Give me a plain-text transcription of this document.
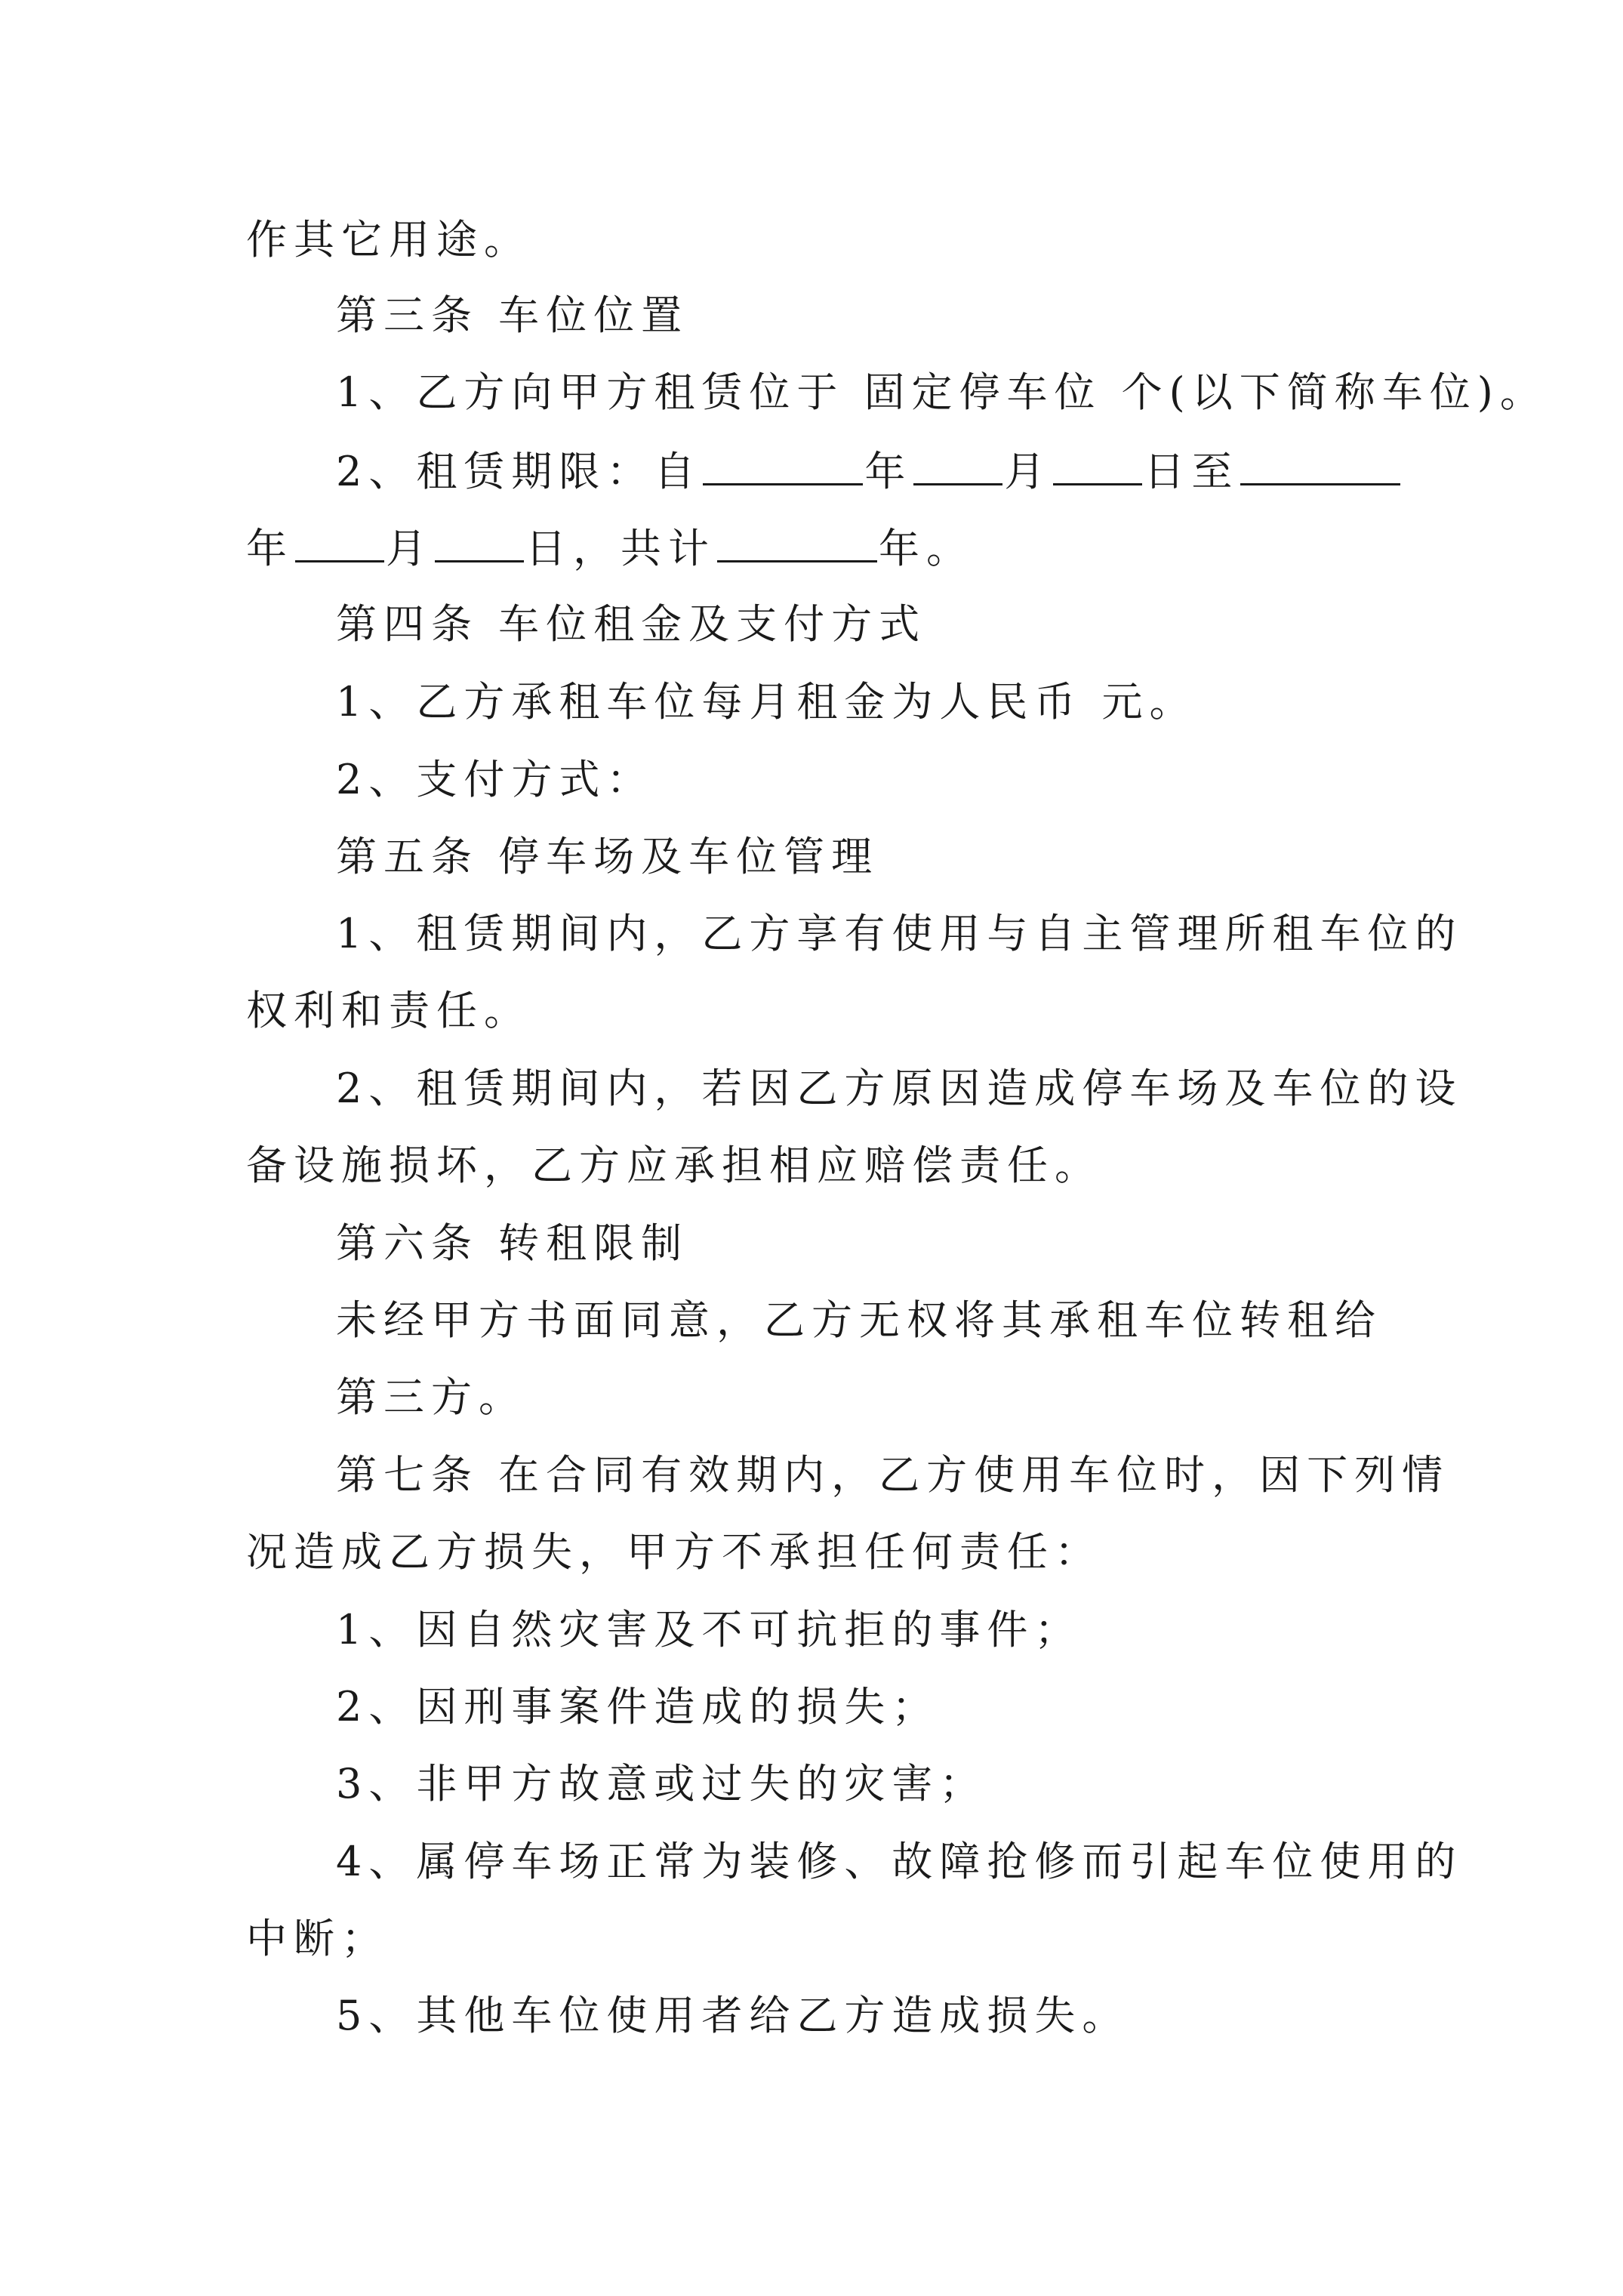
作其它用途。
第三条 车位位置
1、乙方向甲方租赁位于 固定停车位 个(以下简称车位)。
2、租赁期限：自	年 月 日至
年 月 日，共计	年。
第四条 车位租金及支付方式
1、乙方承租车位每月租金为人民币 元。
2、支付方式：
第五条 停车场及车位管理
1、租赁期间内，乙方享有使用与自主管理所租车位的
权利和责任。
2、租赁期间内，若因乙方原因造成停车场及车位的设
备设施损坏，乙方应承担相应赔偿责任。
第六条 转租限制
未经甲方书面同意，乙方无权将其承租车位转租给
第三方。
第七条 在合同有效期内，乙方使用车位时，因下列情
况造成乙方损失，甲方不承担任何责任：
1、因自然灾害及不可抗拒的事件；
2、因刑事案件造成的损失；
3、非甲方故意或过失的灾害；
4、属停车场正常为装修、故障抢修而引起车位使用的
中断；
5、其他车位使用者给乙方造成损失。
